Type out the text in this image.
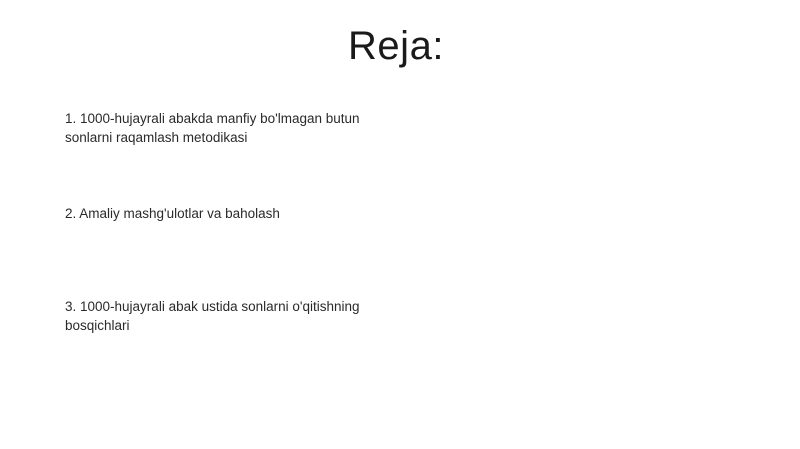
Reja:
1. 1000-hujayrali abakda manfiy bo'lmagan butun sonlarni raqamlash metodikasi
2. Amaliy mashg'ulotlar va baholash
3. 1000-hujayrali abak ustida sonlarni o'qitishning bosqichlari
